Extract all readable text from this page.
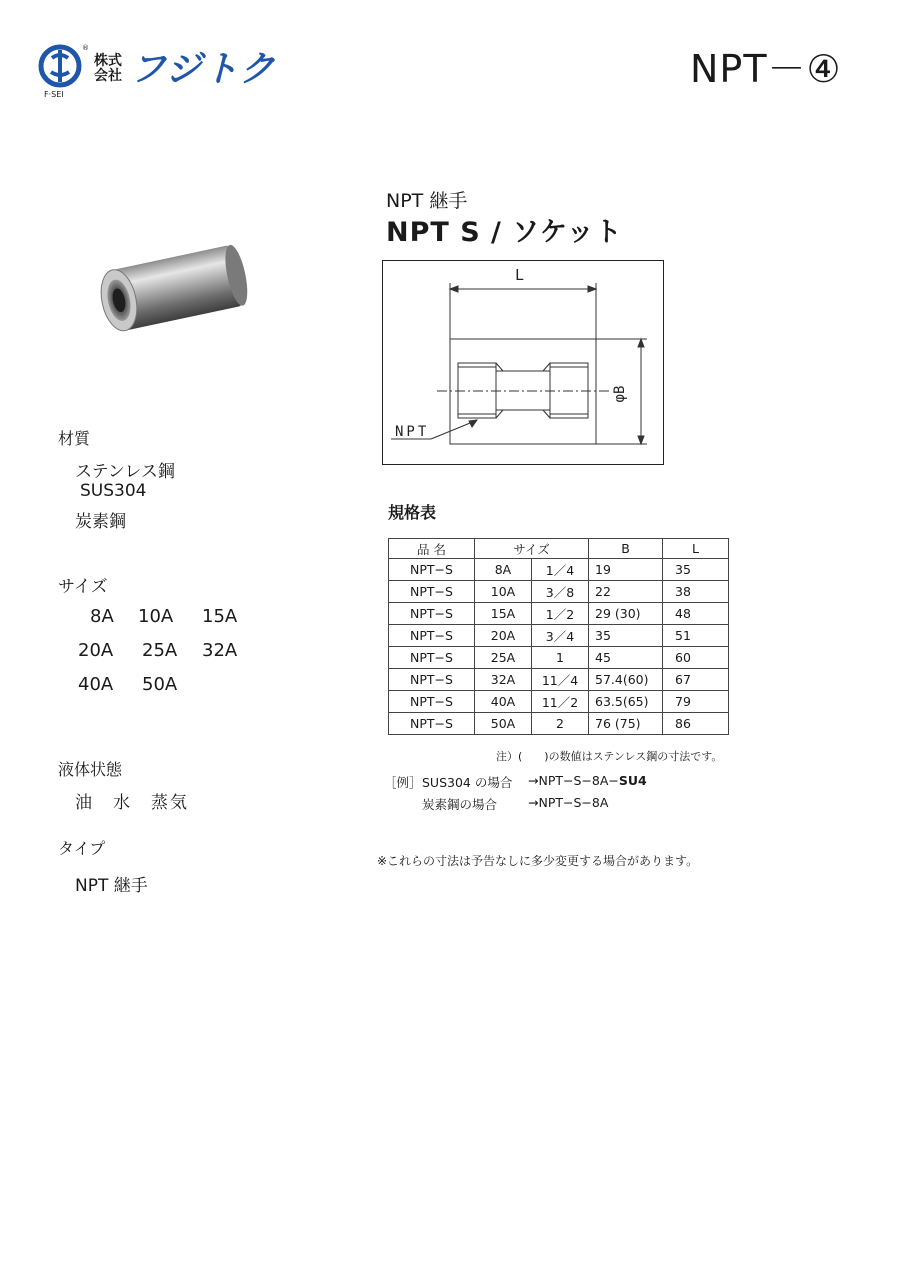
®
F·SEI
株式
会社 フジトク	NPT－④
NPT 継手
NPT S / ソケット
L
φB
NPT
材質
ステンレス鋼
SUS304
炭素鋼
サイズ
8A 10A 15A
20A 25A 32A
40A 50A
液体状態
油　水　蒸気
タイプ
NPT 継手
規格表
品 名	サイズ		B	L
NPT−S	8A	1／4	19	35
NPT−S	10A	3／8	22	38
NPT−S	15A	1／2	29 (30)	48
NPT−S	20A	3／4	35	51
NPT−S	25A	1	45	60
NPT−S	32A	11／4	57.4(60)	67
NPT−S	40A	11／2	63.5(65)	79
NPT−S	50A	2	76 (75)	86
注）(　　)の数値はステンレス鋼の寸法です。
［例］ SUS304 の場合 →NPT−S−8A−SU4
炭素鋼の場合 →NPT−S−8A
※これらの寸法は予告なしに多少変更する場合があります。
